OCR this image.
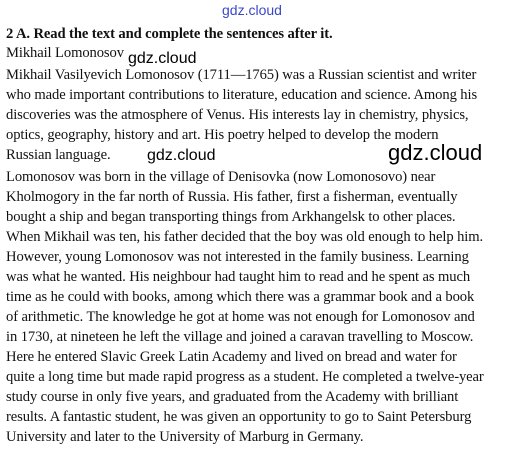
gdz.cloud
2 A. Read the text and complete the sentences after it.
Mikhail Lomonosov
Mikhail Vasilyevich Lomonosov (1711—1765) was a Russian scientist and writer
who made important contributions to literature, education and science. Among his
discoveries was the atmosphere of Venus. His interests lay in chemistry, physics,
optics, geography, history and art. His poetry helped to develop the modern
Russian language.
Lomonosov was born in the village of Denisovka (now Lomonosovo) near
Kholmogory in the far north of Russia. His father, first a fisherman, eventually
bought a ship and began transporting things from Arkhangelsk to other places.
When Mikhail was ten, his father decided that the boy was old enough to help him.
However, young Lomonosov was not interested in the family business. Learning
was what he wanted. His neighbour had taught him to read and he spent as much
time as he could with books, among which there was a grammar book and a book
of arithmetic. The knowledge he got at home was not enough for Lomonosov and
in 1730, at nineteen he left the village and joined a caravan travelling to Moscow.
Here he entered Slavic Greek Latin Academy and lived on bread and water for
quite a long time but made rapid progress as a student. He completed a twelve-year
study course in only five years, and graduated from the Academy with brilliant
results. A fantastic student, he was given an opportunity to go to Saint Petersburg
University and later to the University of Marburg in Germany.
gdz.cloud
gdz.cloud	gdz.cloud
